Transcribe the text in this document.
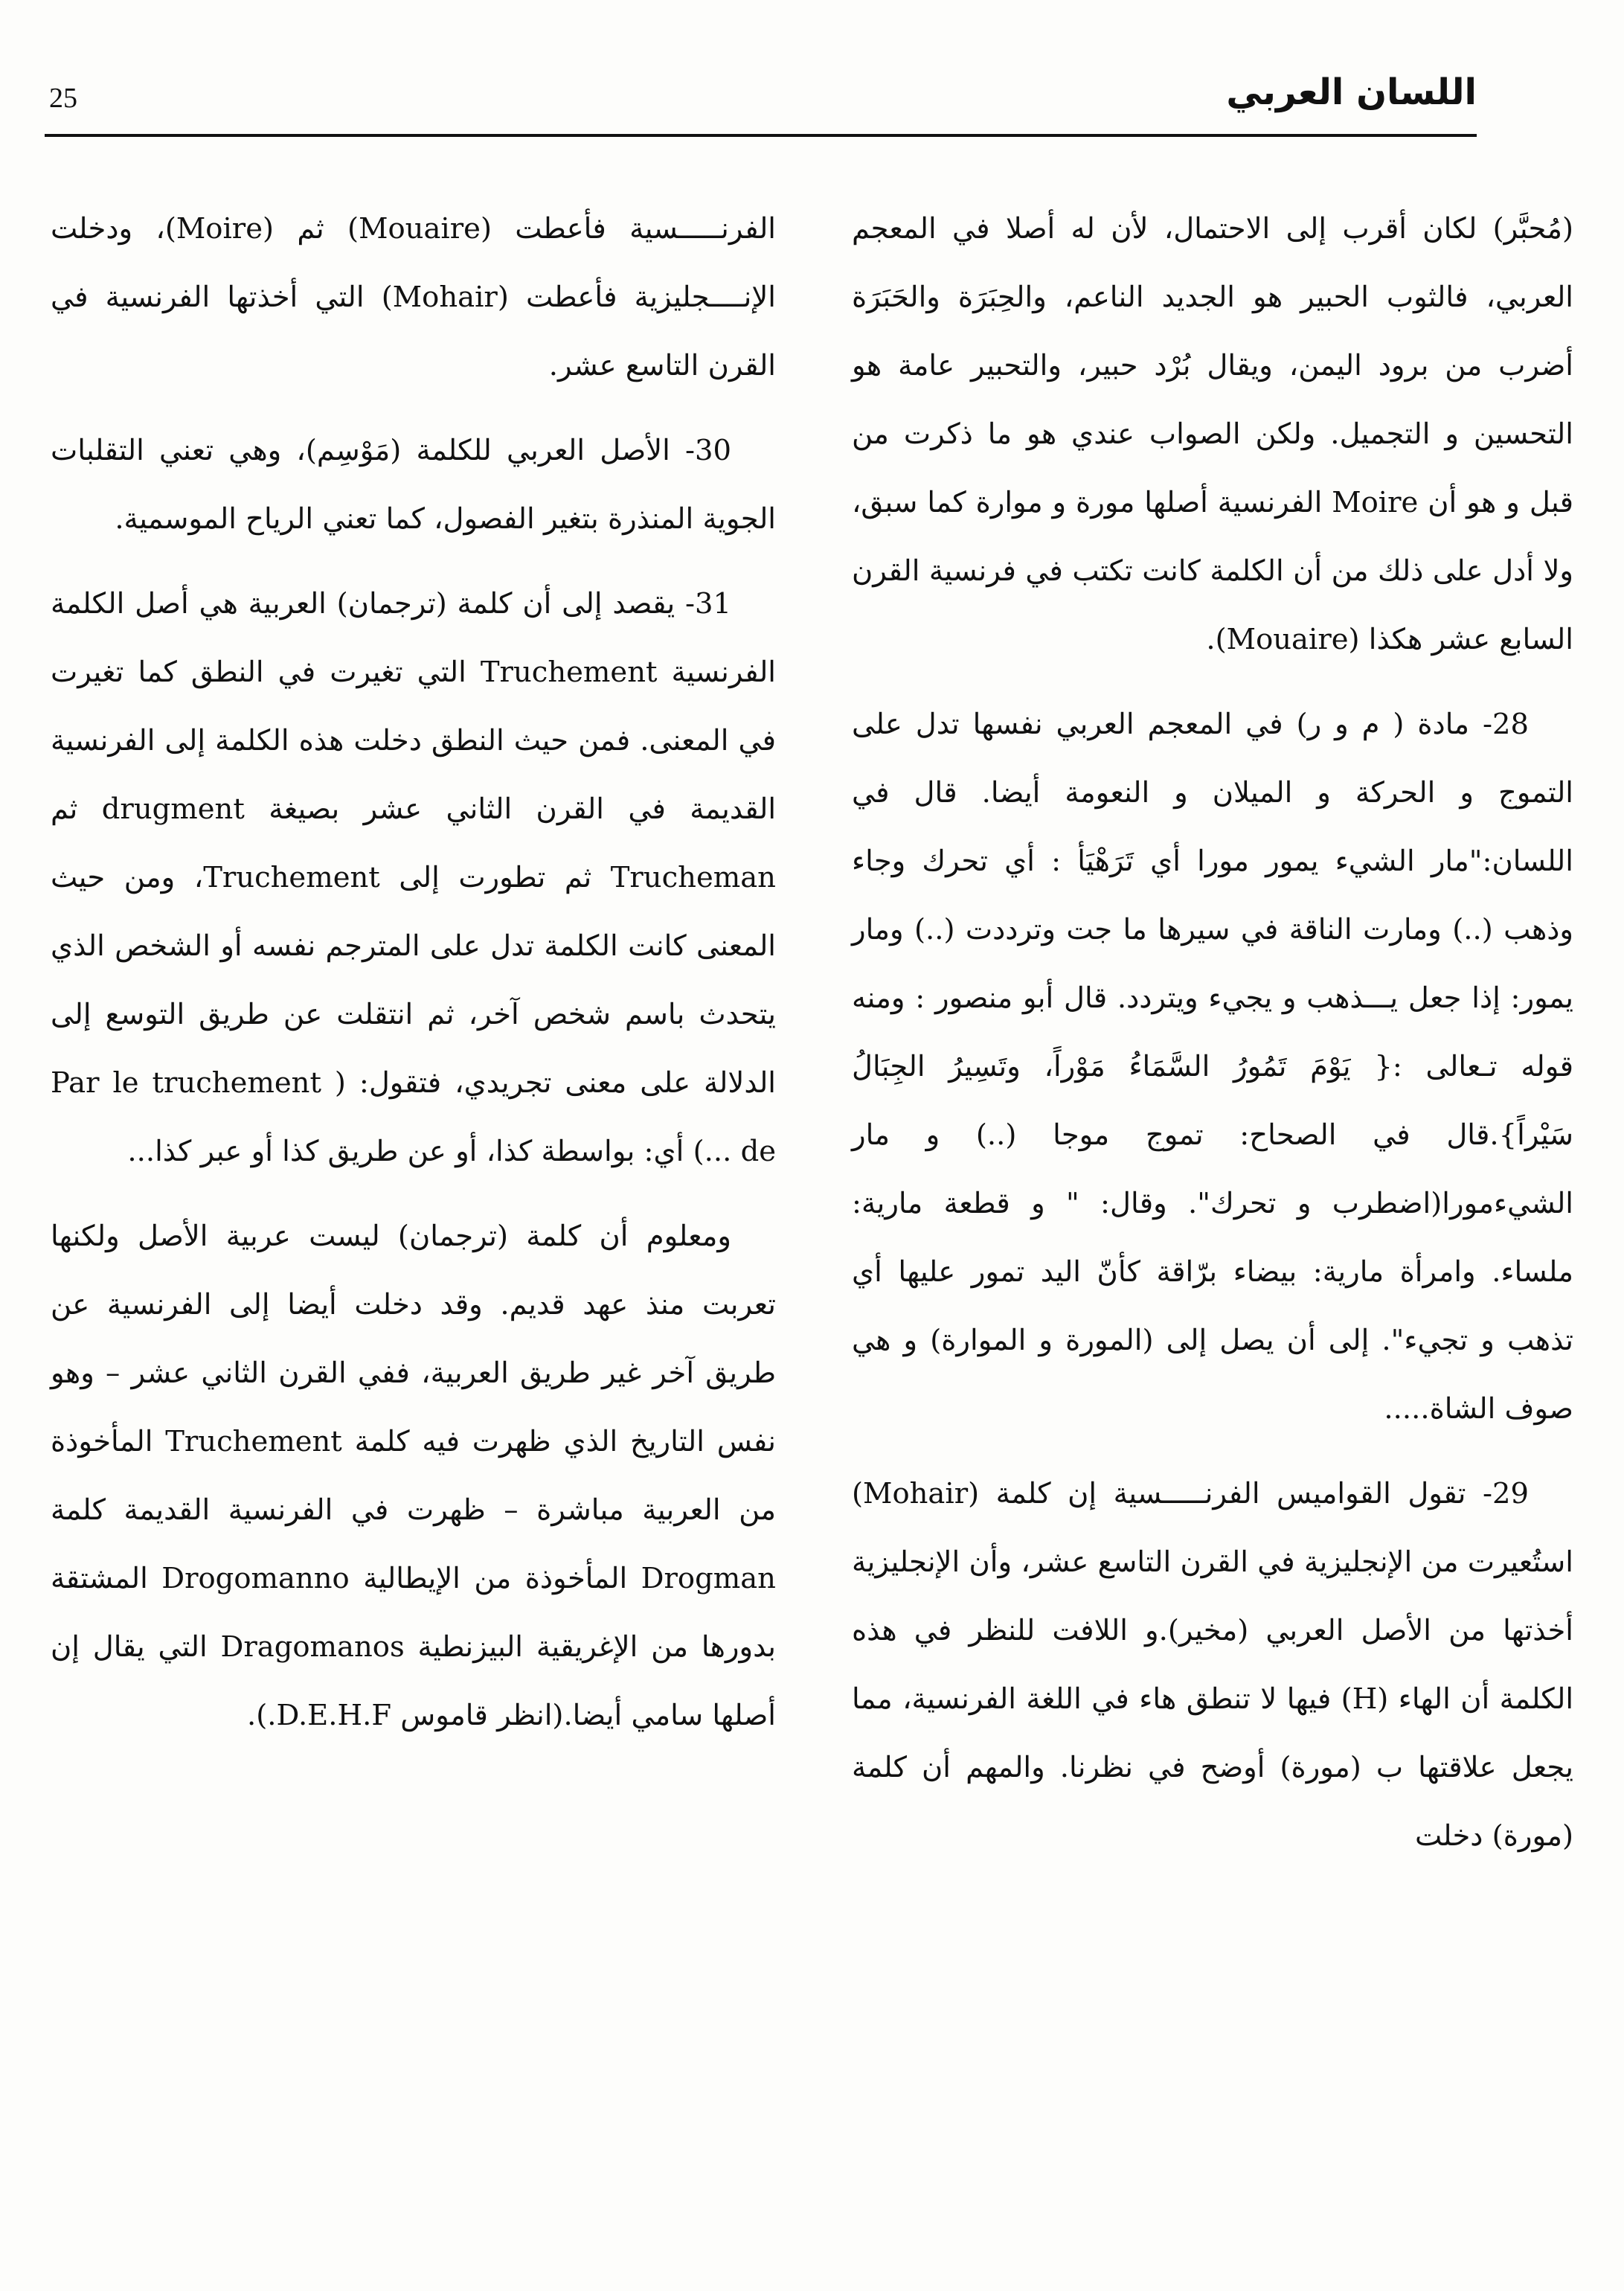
25	اللسان العربي

(مُحبَّر) لكان أقرب إلى الاحتمال، لأن له أصلا في المعجم العربي، فالثوب الحبير هو الجديد الناعم، والحِبَرَة والحَبَرَة أضرب من برود اليمن، ويقال بُرْد حبير، والتحبير عامة هو التحسين و التجميل. ولكن الصواب عندي هو ما ذكرت من قبل و هو أن Moire الفرنسية أصلها مورة و موارة كما سبق، ولا أدل على ذلك من أن الكلمة كانت تكتب في فرنسية القرن السابع عشر هكذا (Mouaire).

28- مادة ( م و ر) في المعجم العربي نفسها تدل على التموج و الحركة و الميلان و النعومة أيضا. قال في اللسان:"مار الشيء يمور مورا أي تَرَهْيَأ : أي تحرك وجاء وذهب (..) ومارت الناقة في سيرها ما جت وترددت (..) ومار يمور: إذا جعل يـــذهب و يجيء ويتردد. قال أبو منصور : ومنه قوله تـعالى :{ يَوْمَ تَمُورُ السَّمَاءُ مَوْراً، وتَسِيرُ الجِبَالُ سَيْراً}.قال في الصحاح: تموج موجا (..) و مار الشيءمورا(اضطرب و تحرك". وقال: " و قطعة مارية: ملساء. وامرأة مارية: بيضاء برّاقة كأنّ اليد تمور عليها أي تذهب و تجيء". إلى أن يصل إلى (المورة و الموارة) و هي صوف الشاة.....

29- تقول القواميس الفرنـــــسية إن كلمة (Mohair) استُعيرت من الإنجليزية في القرن التاسع عشر، وأن الإنجليزية أخذتها من الأصل العربي (مخير).و اللافت للنظر في هذه الكلمة أن الهاء (H) فيها لا تنطق هاء في اللغة الفرنسية، مما يجعل علاقتها ب (مورة) أوضح في نظرنا. والمهم أن كلمة (مورة) دخلت

الفرنـــــسية فأعطت (Mouaire) ثم (Moire)، ودخلت الإنــــجليزية فأعطت (Mohair) التي أخذتها الفرنسية في القرن التاسع عشر.

30- الأصل العربي للكلمة (مَوْسِم)، وهي تعني التقلبات الجوية المنذرة بتغير الفصول، كما تعني الرياح الموسمية.

31- يقصد إلى أن كلمة (ترجمان) العربية هي أصل الكلمة الفرنسية Truchement التي تغيرت في النطق كما تغيرت في المعنى. فمن حيث النطق دخلت هذه الكلمة إلى الفرنسية القديمة في القرن الثاني عشر بصيغة drugment ثم Trucheman ثم تطورت إلى Truchement، ومن حيث المعنى كانت الكلمة تدل على المترجم نفسه أو الشخص الذي يتحدث باسم شخص آخر، ثم انتقلت عن طريق التوسع إلى الدلالة على معنى تجريدي، فتقول: ( Par le truchement de ...) أي: بواسطة كذا، أو عن طريق كذا أو عبر كذا...

ومعلوم أن كلمة (ترجمان) ليست عربية الأصل ولكنها تعربت منذ عهد قديم. وقد دخلت أيضا إلى الفرنسية عن طريق آخر غير طريق العربية، ففي القرن الثاني عشر – وهو نفس التاريخ الذي ظهرت فيه كلمة Truchement المأخوذة من العربية مباشرة – ظهرت في الفرنسية القديمة كلمة Drogman المأخوذة من الإيطالية Drogomanno المشتقة بدورها من الإغريقية البيزنطية Dragomanos التي يقال إن أصلها سامي أيضا.(انظر قاموس D.E.H.F.).
